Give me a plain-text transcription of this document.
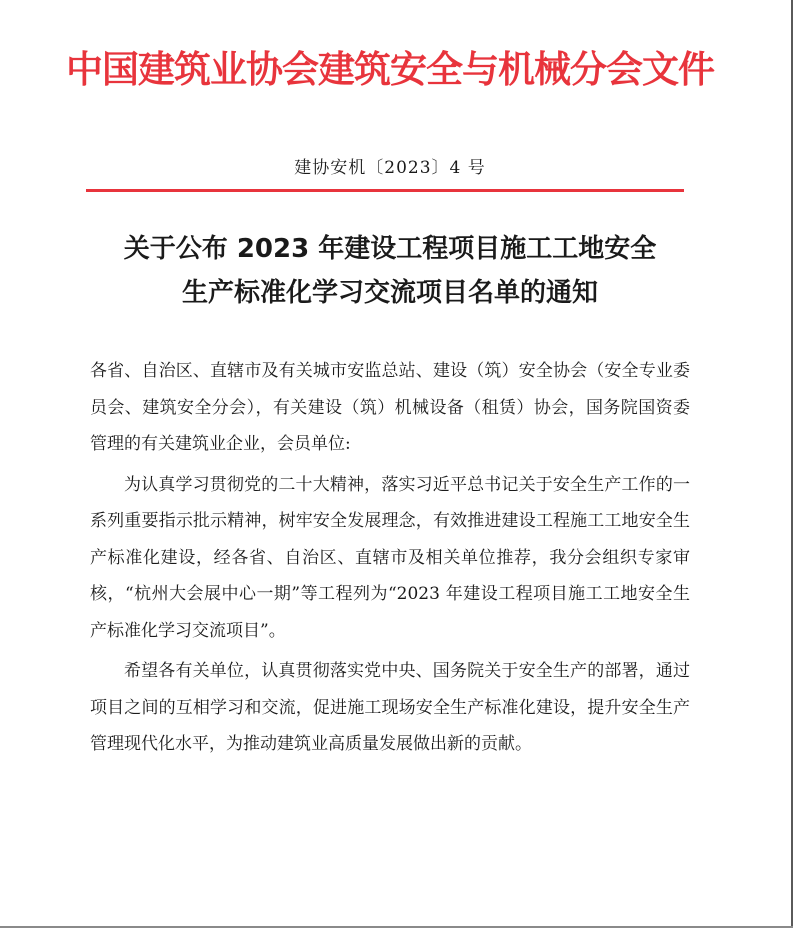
中国建筑业协会建筑安全与机械分会文件
建协安机〔2023〕4 号
关于公布 2023 年建设工程项目施工工地安全
生产标准化学习交流项目名单的通知

各省、自治区、直辖市及有关城市安监总站、建设（筑）安全协会（安全专业委员会、建筑安全分会），有关建设（筑）机械设备（租赁）协会，国务院国资委管理的有关建筑业企业，会员单位:

为认真学习贯彻党的二十大精神，落实习近平总书记关于安全生产工作的一系列重要指示批示精神，树牢安全发展理念，有效推进建设工程施工工地安全生产标准化建设，经各省、自治区、直辖市及相关单位推荐，我分会组织专家审核，“杭州大会展中心一期”等工程列为“2023 年建设工程项目施工工地安全生产标准化学习交流项目”。

希望各有关单位，认真贯彻落实党中央、国务院关于安全生产的部署，通过项目之间的互相学习和交流，促进施工现场安全生产标准化建设，提升安全生产管理现代化水平，为推动建筑业高质量发展做出新的贡献。
